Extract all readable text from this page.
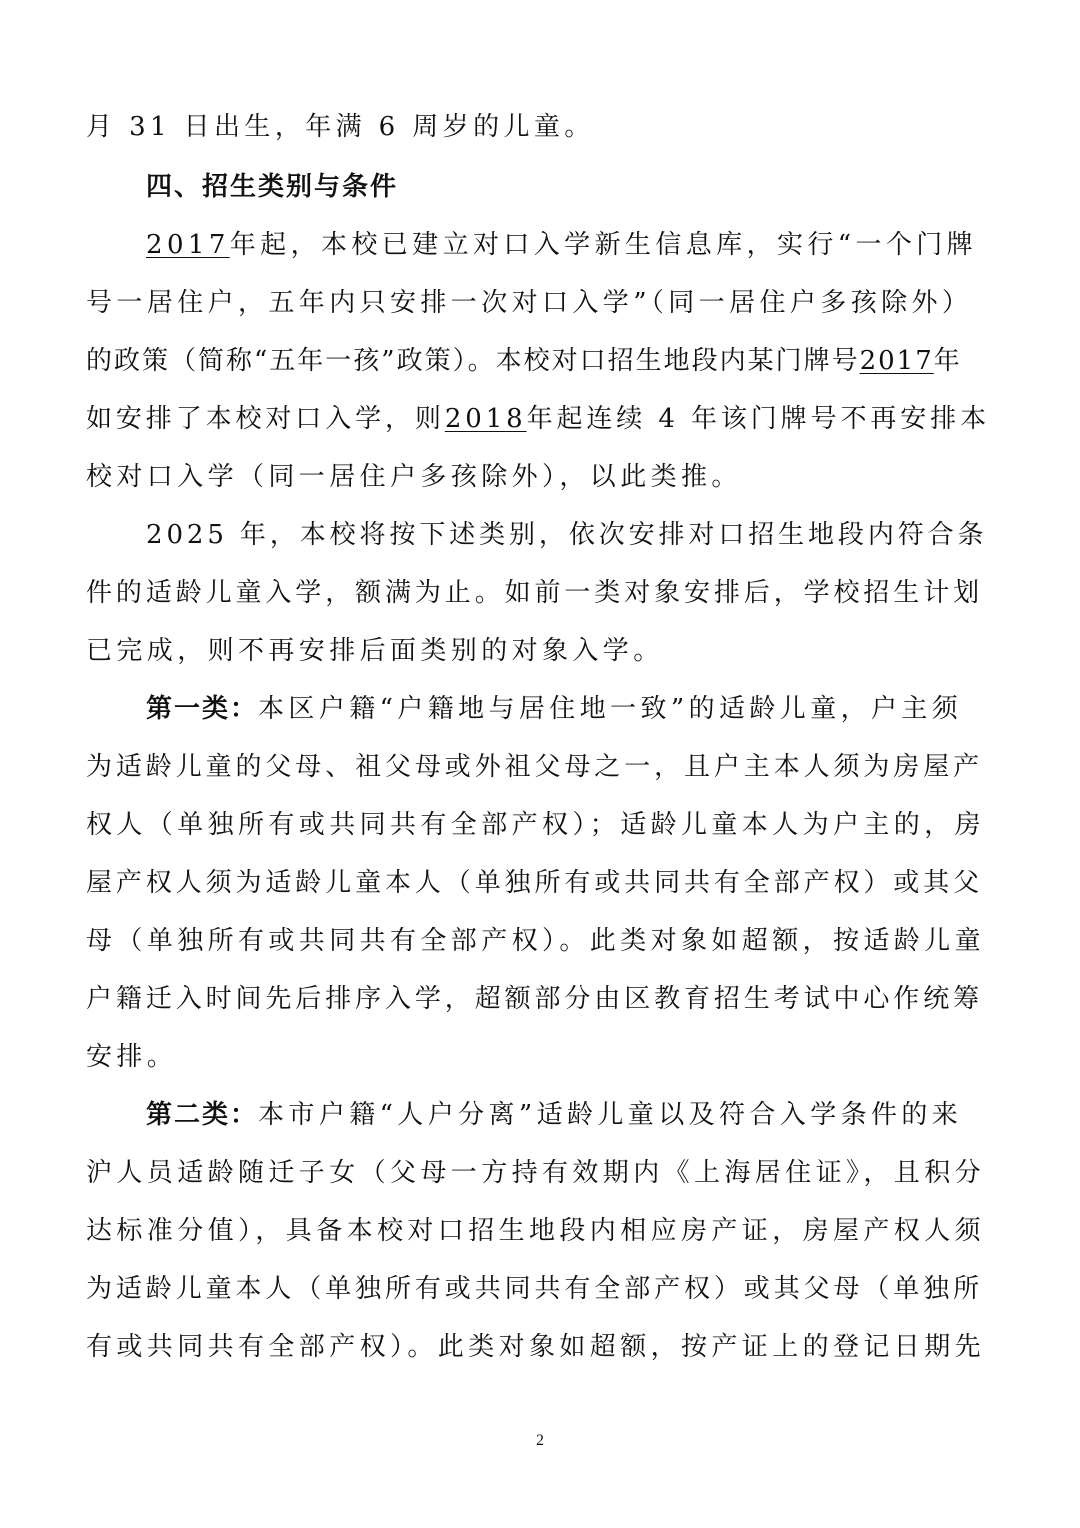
月 31 日出生，年满 6 周岁的儿童。
四、招生类别与条件
2017年起，本校已建立对口入学新生信息库，实行“一个门牌
号一居住户，五年内只安排一次对口入学”（同一居住户多孩除外）
的政策（简称“五年一孩”政策）。本校对口招生地段内某门牌号2017年
如安排了本校对口入学，则2018年起连续 4 年该门牌号不再安排本
校对口入学（同一居住户多孩除外），以此类推。
2025 年，本校将按下述类别，依次安排对口招生地段内符合条
件的适龄儿童入学，额满为止。如前一类对象安排后，学校招生计划
已完成，则不再安排后面类别的对象入学。
第一类：本区户籍“户籍地与居住地一致”的适龄儿童，户主须
为适龄儿童的父母、祖父母或外祖父母之一，且户主本人须为房屋产
权人（单独所有或共同共有全部产权）；适龄儿童本人为户主的，房
屋产权人须为适龄儿童本人（单独所有或共同共有全部产权）或其父
母（单独所有或共同共有全部产权）。此类对象如超额，按适龄儿童
户籍迁入时间先后排序入学，超额部分由区教育招生考试中心作统筹
安排。
第二类：本市户籍“人户分离”适龄儿童以及符合入学条件的来
沪人员适龄随迁子女（父母一方持有效期内《上海居住证》，且积分
达标准分值），具备本校对口招生地段内相应房产证，房屋产权人须
为适龄儿童本人（单独所有或共同共有全部产权）或其父母（单独所
有或共同共有全部产权）。此类对象如超额，按产证上的登记日期先
2
